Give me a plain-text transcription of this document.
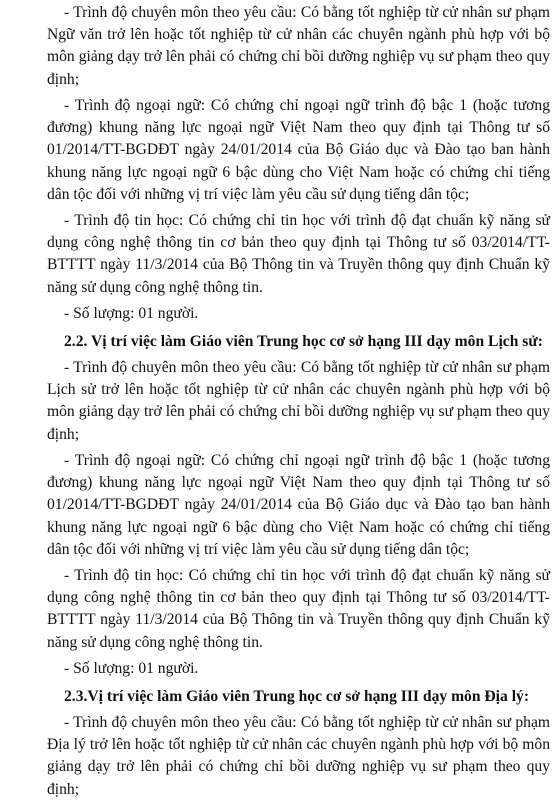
- Trình độ chuyên môn theo yêu cầu: Có bằng tốt nghiệp từ cử nhân sư phạm Ngữ văn trở lên hoặc tốt nghiệp từ cử nhân các chuyên ngành phù hợp với bộ môn giảng dạy trở lên phải có chứng chỉ bồi dưỡng nghiệp vụ sư phạm theo quy định;

- Trình độ ngoại ngữ: Có chứng chỉ ngoại ngữ trình độ bậc 1 (hoặc tương đương) khung năng lực ngoại ngữ Việt Nam theo quy định tại Thông tư số 01/2014/TT-BGDĐT ngày 24/01/2014 của Bộ Giáo dục và Đào tạo ban hành khung năng lực ngoại ngữ 6 bậc dùng cho Việt Nam hoặc có chứng chỉ tiếng dân tộc đối với những vị trí việc làm yêu cầu sử dụng tiếng dân tộc;

- Trình độ tin học: Có chứng chỉ tin học với trình độ đạt chuẩn kỹ năng sử dụng công nghệ thông tin cơ bản theo quy định tại Thông tư số 03/2014/TT-BTTTT ngày 11/3/2014 của Bộ Thông tin và Truyền thông quy định Chuẩn kỹ năng sử dụng công nghệ thông tin.

- Số lượng: 01 người.

2.2. Vị trí việc làm Giáo viên Trung học cơ sở hạng III dạy môn Lịch sử:

- Trình độ chuyên môn theo yêu cầu: Có bằng tốt nghiệp từ cử nhân sư phạm Lịch sử trở lên hoặc tốt nghiệp từ cử nhân các chuyên ngành phù hợp với bộ môn giảng dạy trở lên phải có chứng chỉ bồi dưỡng nghiệp vụ sư phạm theo quy định;

- Trình độ ngoại ngữ: Có chứng chỉ ngoại ngữ trình độ bậc 1 (hoặc tương đương) khung năng lực ngoại ngữ Việt Nam theo quy định tại Thông tư số 01/2014/TT-BGDĐT ngày 24/01/2014 của Bộ Giáo dục và Đào tạo ban hành khung năng lực ngoại ngữ 6 bậc dùng cho Việt Nam hoặc có chứng chỉ tiếng dân tộc đối với những vị trí việc làm yêu cầu sử dụng tiếng dân tộc;

- Trình độ tin học: Có chứng chỉ tin học với trình độ đạt chuẩn kỹ năng sử dụng công nghệ thông tin cơ bản theo quy định tại Thông tư số 03/2014/TT-BTTTT ngày 11/3/2014 của Bộ Thông tin và Truyền thông quy định Chuẩn kỹ năng sử dụng công nghệ thông tin.

- Số lượng: 01 người.

2.3.Vị trí việc làm Giáo viên Trung học cơ sở hạng III dạy môn Địa lý:

- Trình độ chuyên môn theo yêu cầu: Có bằng tốt nghiệp từ cử nhân sư phạm Địa lý trở lên hoặc tốt nghiệp từ cử nhân các chuyên ngành phù hợp với bộ môn giảng dạy trở lên phải có chứng chỉ bồi dưỡng nghiệp vụ sư phạm theo quy định;
